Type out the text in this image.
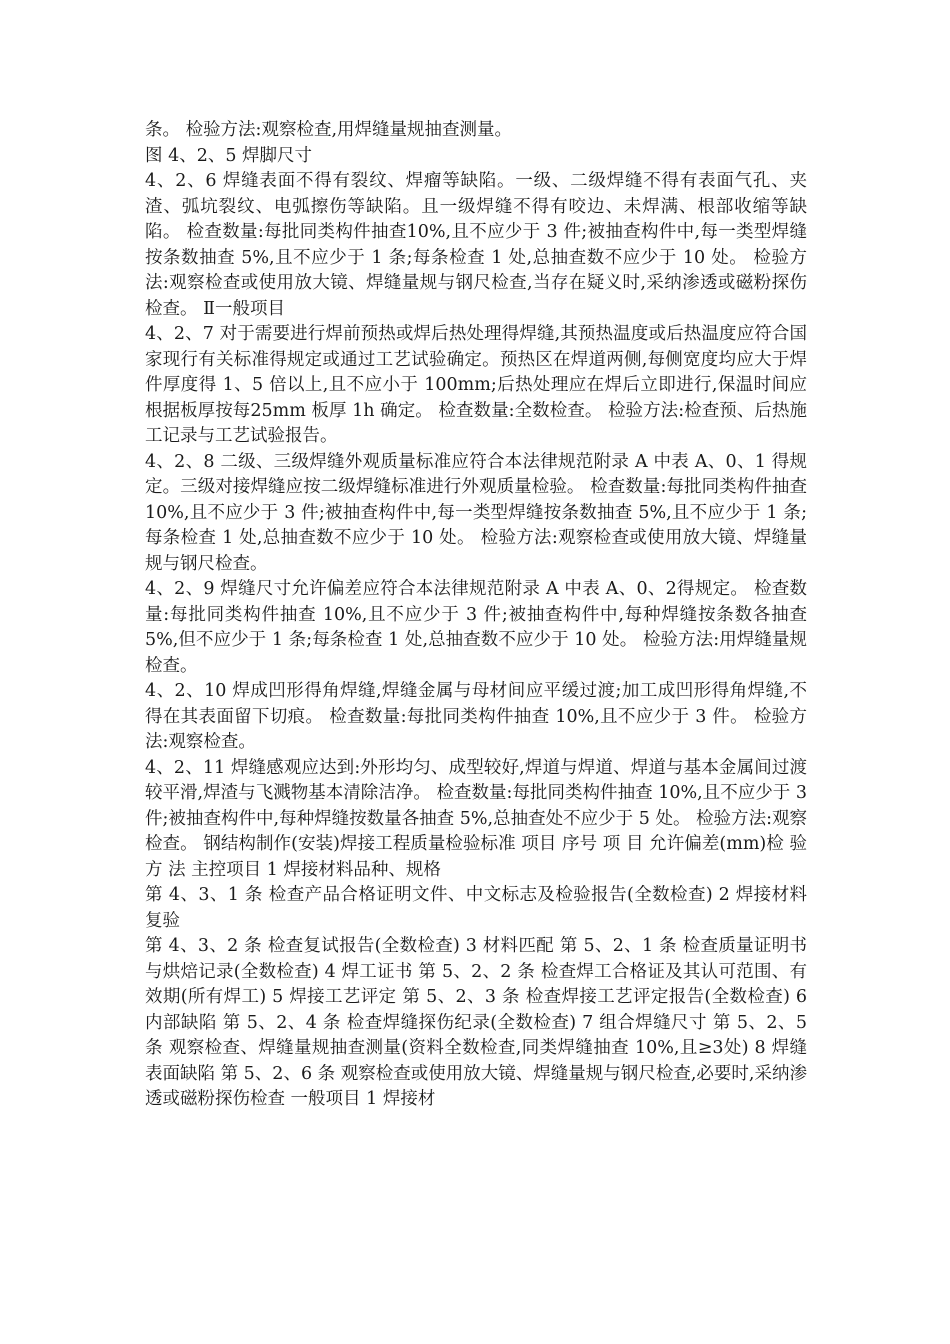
条。 检验方法:观察检查,用焊缝量规抽查测量。

图 4、2、5 焊脚尺寸

4、2、6 焊缝表面不得有裂纹、焊瘤等缺陷。一级、二级焊缝不得有表面气孔、夹渣、弧坑裂纹、电弧擦伤等缺陷。且一级焊缝不得有咬边、未焊满、根部收缩等缺陷。 检查数量:每批同类构件抽查10%,且不应少于 3 件;被抽查构件中,每一类型焊缝按条数抽查 5%,且不应少于 1 条;每条检查 1 处,总抽查数不应少于 10 处。 检验方法:观察检查或使用放大镜、焊缝量规与钢尺检查,当存在疑义时,采纳渗透或磁粉探伤检查。 Ⅱ一般项目

4、2、7 对于需要进行焊前预热或焊后热处理得焊缝,其预热温度或后热温度应符合国家现行有关标准得规定或通过工艺试验确定。预热区在焊道两侧,每侧宽度均应大于焊件厚度得 1、5 倍以上,且不应小于 100mm;后热处理应在焊后立即进行,保温时间应根据板厚按每25mm 板厚 1h 确定。 检查数量:全数检查。 检验方法:检查预、后热施工记录与工艺试验报告。

4、2、8 二级、三级焊缝外观质量标准应符合本法律规范附录 A 中表 A、0、1 得规定。三级对接焊缝应按二级焊缝标准进行外观质量检验。 检查数量:每批同类构件抽查 10%,且不应少于 3 件;被抽查构件中,每一类型焊缝按条数抽查 5%,且不应少于 1 条;每条检查 1 处,总抽查数不应少于 10 处。 检验方法:观察检查或使用放大镜、焊缝量规与钢尺检查。

4、2、9 焊缝尺寸允许偏差应符合本法律规范附录 A 中表 A、0、2得规定。 检查数量:每批同类构件抽查 10%,且不应少于 3 件;被抽查构件中,每种焊缝按条数各抽查 5%,但不应少于 1 条;每条检查 1 处,总抽查数不应少于 10 处。 检验方法:用焊缝量规检查。

4、2、10 焊成凹形得角焊缝,焊缝金属与母材间应平缓过渡;加工成凹形得角焊缝,不得在其表面留下切痕。 检查数量:每批同类构件抽查 10%,且不应少于 3 件。 检验方法:观察检查。

4、2、11 焊缝感观应达到:外形均匀、成型较好,焊道与焊道、焊道与基本金属间过渡较平滑,焊渣与飞溅物基本清除洁净。 检查数量:每批同类构件抽查 10%,且不应少于 3 件;被抽查构件中,每种焊缝按数量各抽查 5%,总抽查处不应少于 5 处。 检验方法:观察检查。 钢结构制作(安装)焊接工程质量检验标准 项目 序号 项 目 允许偏差(mm)检 验 方 法 主控项目 1 焊接材料品种、规格

第 4、3、1 条 检查产品合格证明文件、中文标志及检验报告(全数检查) 2 焊接材料复验

第 4、3、2 条 检查复试报告(全数检查) 3 材料匹配 第 5、2、1 条 检查质量证明书与烘焙记录(全数检查) 4 焊工证书 第 5、2、2 条 检查焊工合格证及其认可范围、有效期(所有焊工) 5 焊接工艺评定 第 5、2、3 条 检查焊接工艺评定报告(全数检查) 6 内部缺陷 第 5、2、4 条 检查焊缝探伤纪录(全数检查) 7 组合焊缝尺寸 第 5、2、5 条 观察检查、焊缝量规抽查测量(资料全数检查,同类焊缝抽查 10%,且≥3处) 8 焊缝表面缺陷 第 5、2、6 条 观察检查或使用放大镜、焊缝量规与钢尺检查,必要时,采纳渗透或磁粉探伤检查 一般项目 1 焊接材
